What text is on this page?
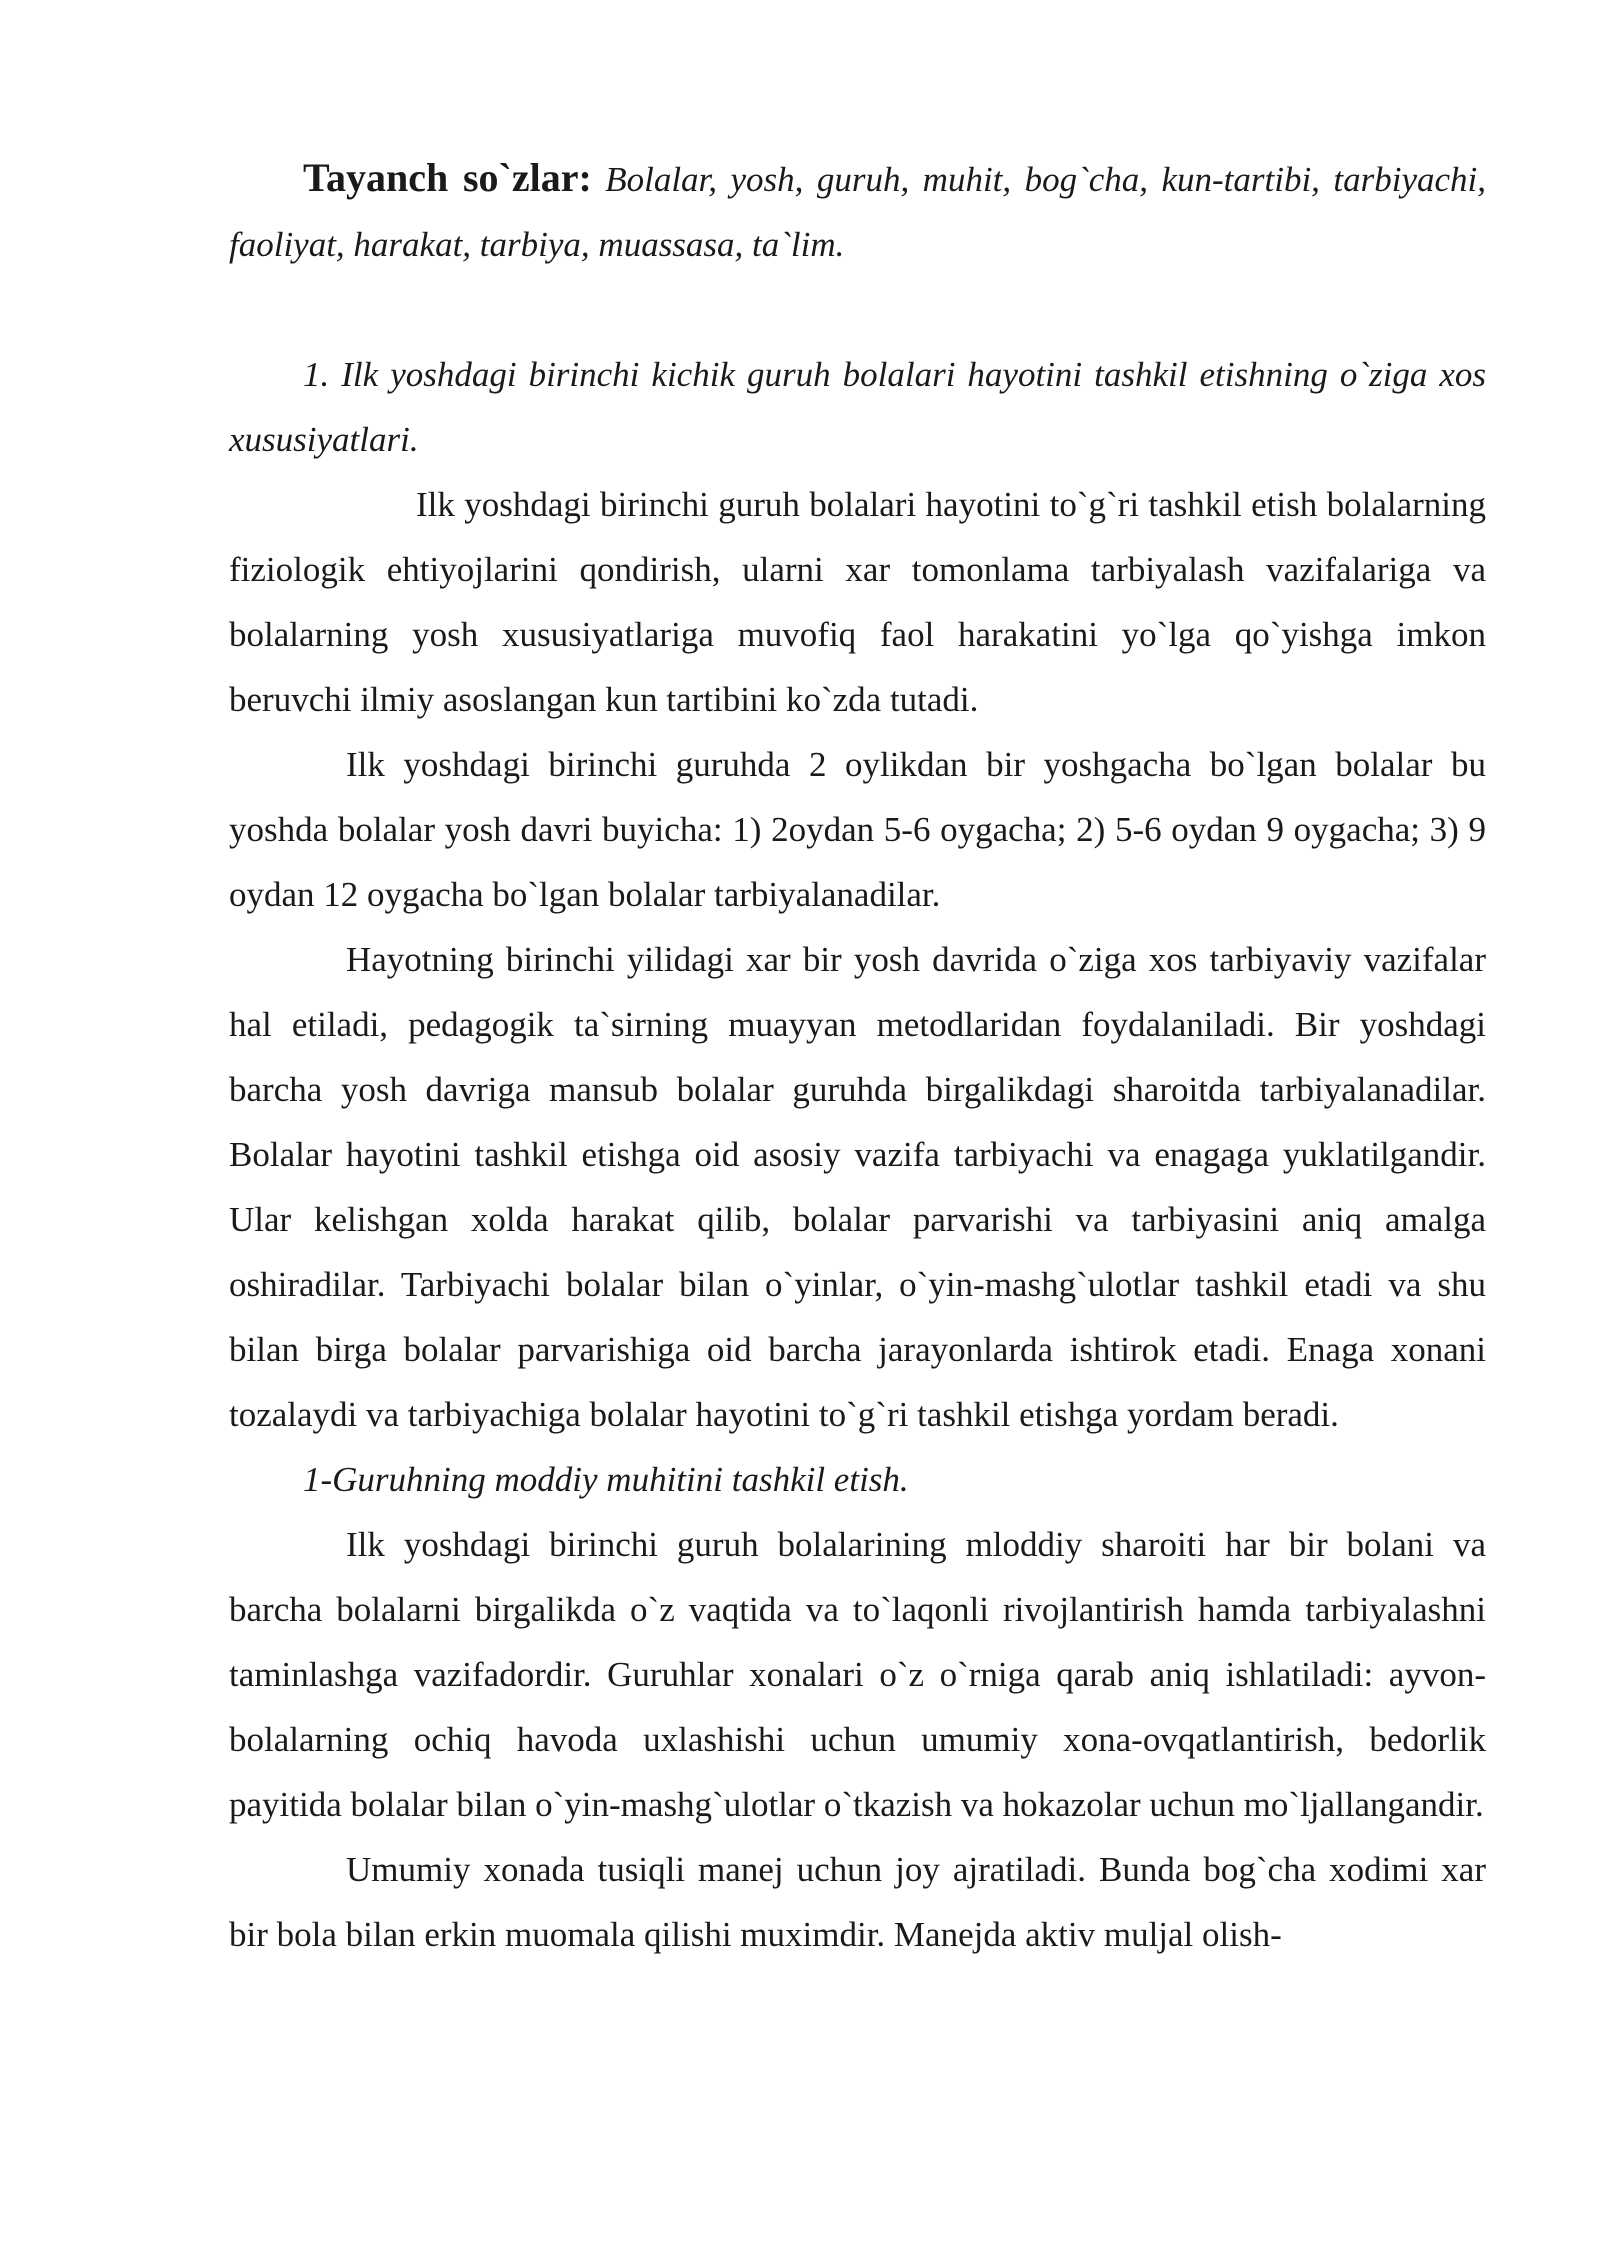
Tayanch so`zlar: Bolalar, yosh, guruh, muhit, bog`cha, kun-tartibi, tarbiyachi, faoliyat, harakat, tarbiya, muassasa, ta`lim.

1. Ilk yoshdagi birinchi kichik guruh bolalari hayotini tashkil etishning o`ziga xos xususiyatlari.

Ilk yoshdagi birinchi guruh bolalari hayotini to`g`ri tashkil etish bolalarning fiziologik ehtiyojlarini qondirish, ularni xar tomonlama tarbiyalash vazifalariga va bolalarning yosh xususiyatlariga muvofiq faol harakatini yo`lga qo`yishga imkon beruvchi ilmiy asoslangan kun tartibini ko`zda tutadi.

Ilk yoshdagi birinchi guruhda 2 oylikdan bir yoshgacha bo`lgan bolalar bu yoshda bolalar yosh davri buyicha: 1) 2oydan 5-6 oygacha; 2) 5-6 oydan 9 oygacha; 3) 9 oydan 12 oygacha bo`lgan bolalar tarbiyalanadilar.

Hayotning birinchi yilidagi xar bir yosh davrida o`ziga xos tarbiyaviy vazifalar hal etiladi, pedagogik ta`sirning muayyan metodlaridan foydalaniladi. Bir yoshdagi barcha yosh davriga mansub bolalar guruhda birgalikdagi sharoitda tarbiyalanadilar. Bolalar hayotini tashkil etishga oid asosiy vazifa tarbiyachi va enagaga yuklatilgandir. Ular kelishgan xolda harakat qilib, bolalar parvarishi va tarbiyasini aniq amalga oshiradilar. Tarbiyachi bolalar bilan o`yinlar, o`yin-mashg`ulotlar tashkil etadi va shu bilan birga bolalar parvarishiga oid barcha jarayonlarda ishtirok etadi. Enaga xonani tozalaydi va tarbiyachiga bolalar hayotini to`g`ri tashkil etishga yordam beradi.

1-Guruhning moddiy muhitini tashkil etish.

Ilk yoshdagi birinchi guruh bolalarining mloddiy sharoiti har bir bolani va barcha bolalarni birgalikda o`z vaqtida va to`laqonli rivojlantirish hamda tarbiyalashni taminlashga vazifadordir. Guruhlar xonalari o`z o`rniga qarab aniq ishlatiladi: ayvon-bolalarning ochiq havoda uxlashishi uchun umumiy xona-ovqatlantirish, bedorlik payitida bolalar bilan o`yin-mashg`ulotlar o`tkazish va hokazolar uchun mo`ljallangandir.

Umumiy xonada tusiqli manej uchun joy ajratiladi. Bunda bog`cha xodimi xar bir bola bilan erkin muomala qilishi muximdir. Manejda aktiv muljal olish-
